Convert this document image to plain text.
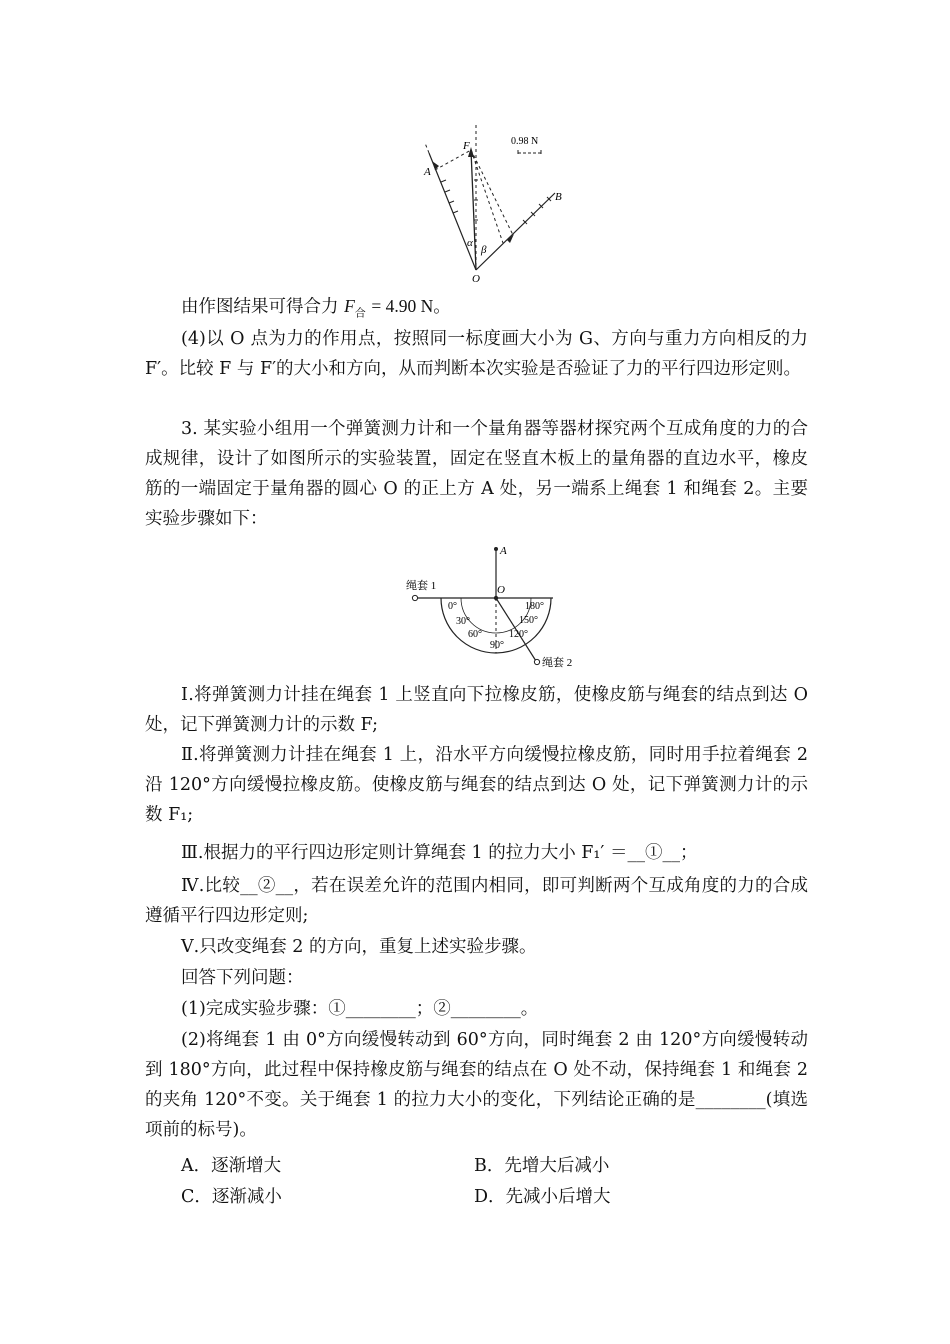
0.98 N
F
A
B
O
α
β
由作图结果可得合力 $F_合 = 4.90$ N。
(4)以 O 点为力的作用点，按照同一标度画大小为 G、方向与重力方向相反的力 F′。比较 F 与 F′的大小和方向，从而判断本次实验是否验证了力的平行四边形定则。
3. 某实验小组用一个弹簧测力计和一个量角器等器材探究两个互成角度的力的合成规律，设计了如图所示的实验装置，固定在竖直木板上的量角器的直边水平，橡皮筋的一端固定于量角器的圆心 O 的正上方 A 处，另一端系上绳套 1 和绳套 2。主要实验步骤如下：
A
O
绳套 1
绳套 2
0°
30°
60°
90°
120°
150°
180°
Ⅰ.将弹簧测力计挂在绳套 1 上竖直向下拉橡皮筋，使橡皮筋与绳套的结点到达 O 处，记下弹簧测力计的示数 F;
Ⅱ.将弹簧测力计挂在绳套 1 上，沿水平方向缓慢拉橡皮筋，同时用手拉着绳套 2 沿 120°方向缓慢拉橡皮筋。使橡皮筋与绳套的结点到达 O 处，记下弹簧测力计的示数 F₁;
Ⅲ.根据力的平行四边形定则计算绳套 1 的拉力大小 F₁′ ＝__①__；
Ⅳ.比较__②__，若在误差允许的范围内相同，即可判断两个互成角度的力的合成遵循平行四边形定则;
Ⅴ.只改变绳套 2 的方向，重复上述实验步骤。
回答下列问题：
(1)完成实验步骤：①________；②________。
(2)将绳套 1 由 0°方向缓慢转动到 60°方向，同时绳套 2 由 120°方向缓慢转动到 180°方向，此过程中保持橡皮筋与绳套的结点在 O 处不动，保持绳套 1 和绳套 2 的夹角 120°不变。关于绳套 1 的拉力大小的变化，下列结论正确的是________(填选项前的标号)。
A．逐渐增大	B．先增大后减小
C．逐渐减小	D．先减小后增大
